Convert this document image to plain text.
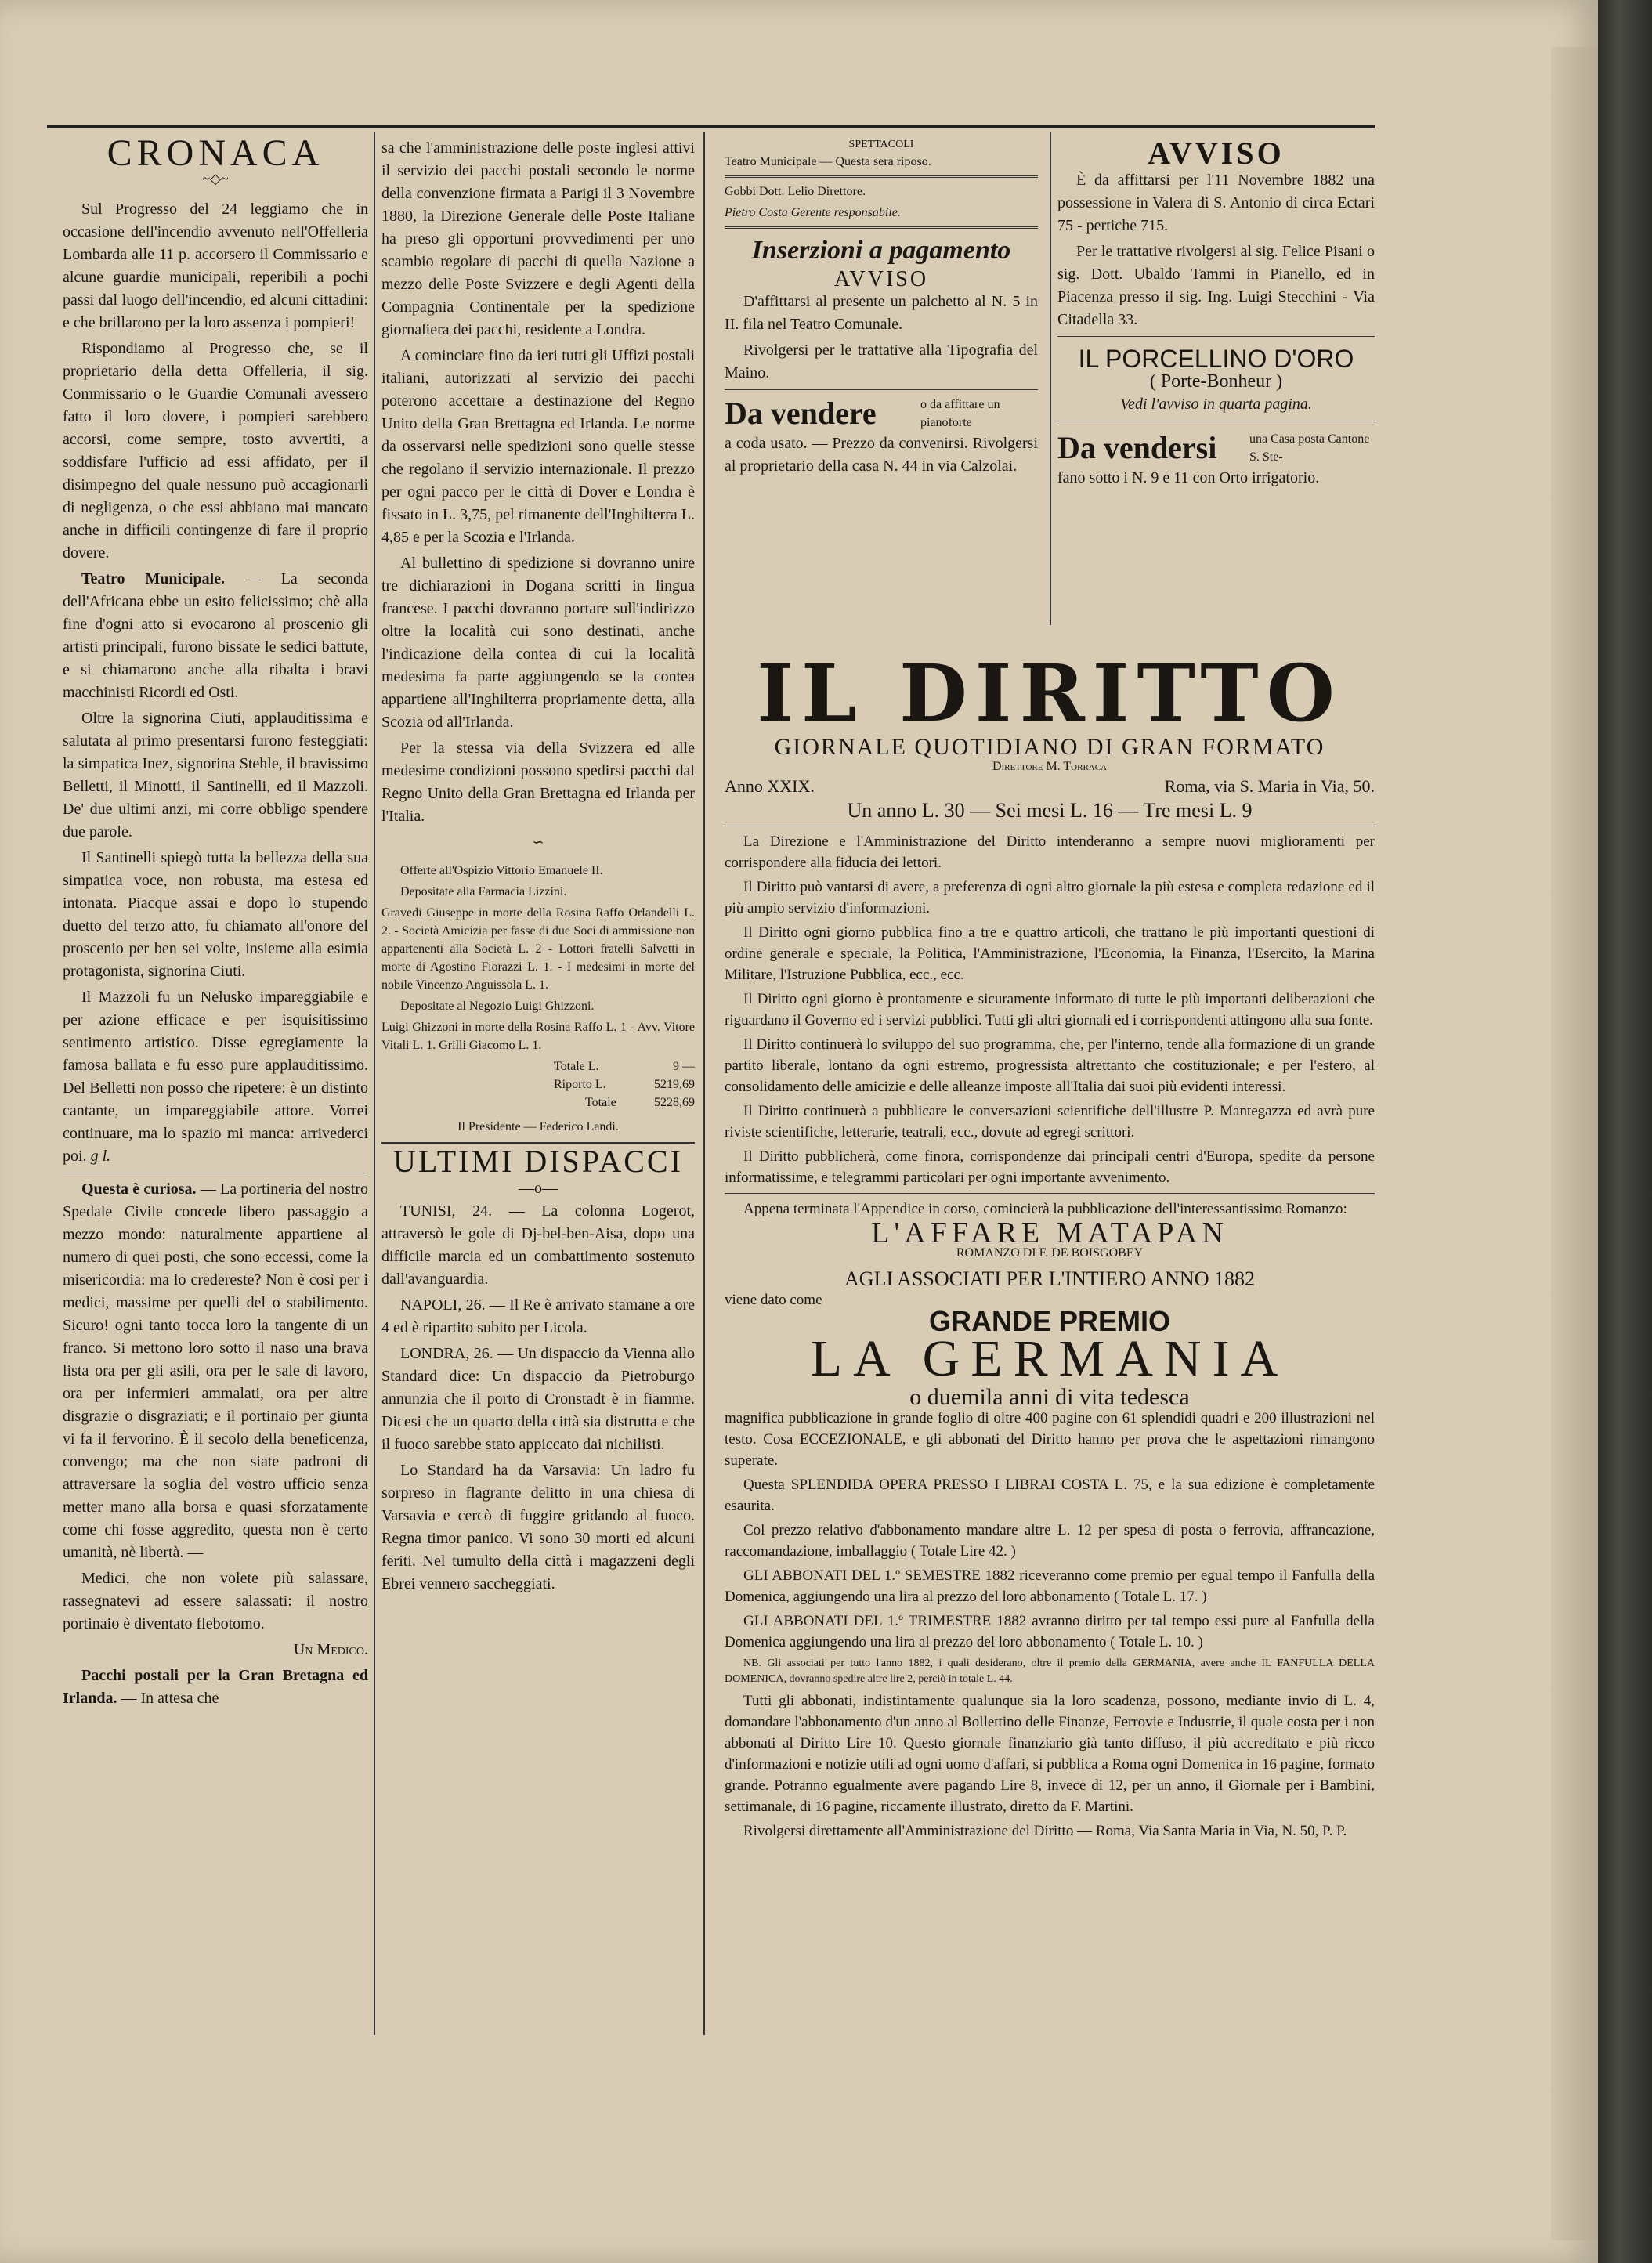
CRONACA
~◇~

Sul Progresso del 24 leggiamo che in occasione dell'incendio avvenuto nell'Offelleria Lombarda alle 11 p. accorsero il Commissario e alcune guardie municipali, reperibili a pochi passi dal luogo dell'incendio, ed alcuni cittadini: e che brillarono per la loro assenza i pompieri!

Rispondiamo al Progresso che, se il proprietario della detta Offelleria, il sig. Commissario o le Guardie Comunali avessero fatto il loro dovere, i pompieri sarebbero accorsi, come sempre, tosto avvertiti, a soddisfare l'ufficio ad essi affidato, per il disimpegno del quale nessuno può accagionarli di negligenza, o che essi abbiano mai mancato anche in difficili contingenze di fare il proprio dovere.

Teatro Municipale. — La seconda dell'Africana ebbe un esito felicissimo; chè alla fine d'ogni atto si evocarono al proscenio gli artisti principali, furono bissate le sedici battute, e si chiamarono anche alla ribalta i bravi macchinisti Ricordi ed Osti.

Oltre la signorina Ciuti, applauditissima e salutata al primo presentarsi furono festeggiati: la simpatica Inez, signorina Stehle, il bravissimo Belletti, il Minotti, il Santinelli, ed il Mazzoli. De' due ultimi anzi, mi corre obbligo spendere due parole.

Il Santinelli spiegò tutta la bellezza della sua simpatica voce, non robusta, ma estesa ed intonata. Piacque assai e dopo lo stupendo duetto del terzo atto, fu chiamato all'onore del proscenio per ben sei volte, insieme alla esimia protagonista, signorina Ciuti.

Il Mazzoli fu un Nelusko impareggiabile e per azione efficace e per isquisitissimo sentimento artistico. Disse egregiamente la famosa ballata e fu esso pure applauditissimo. Del Belletti non posso che ripetere: è un distinto cantante, un impareggiabile attore. Vorrei continuare, ma lo spazio mi manca: arrivederci poi. g l.

Questa è curiosa. — La portineria del nostro Spedale Civile concede libero passaggio a mezzo mondo: naturalmente appartiene al numero di quei posti, che sono eccessi, come la misericordia: ma lo credereste? Non è così per i medici, massime per quelli del o stabilimento. Sicuro! ogni tanto tocca loro la tangente di un franco. Si mettono loro sotto il naso una brava lista ora per gli asili, ora per le sale di lavoro, ora per infermieri ammalati, ora per altre disgrazie o disgraziati; e il portinaio per giunta vi fa il fervorino. È il secolo della beneficenza, convengo; ma che non siate padroni di attraversare la soglia del vostro ufficio senza metter mano alla borsa e quasi sforzatamente come chi fosse aggredito, questa non è certo umanità, nè libertà. —

Medici, che non volete più salassare, rassegnatevi ad essere salassati: il nostro portinaio è diventato flebotomo.

Un Medico.

Pacchi postali per la Gran Bretagna ed Irlanda. — In attesa che

sa che l'amministrazione delle poste inglesi attivi il servizio dei pacchi postali secondo le norme della convenzione firmata a Parigi il 3 Novembre 1880, la Direzione Generale delle Poste Italiane ha preso gli opportuni provvedimenti per uno scambio regolare di pacchi di quella Nazione a mezzo delle Poste Svizzere e degli Agenti della Compagnia Continentale per la spedizione giornaliera dei pacchi, residente a Londra.

A cominciare fino da ieri tutti gli Uffizi postali italiani, autorizzati al servizio dei pacchi poterono accettare a destinazione del Regno Unito della Gran Brettagna ed Irlanda. Le norme da osservarsi nelle spedizioni sono quelle stesse che regolano il servizio internazionale. Il prezzo per ogni pacco per le città di Dover e Londra è fissato in L. 3,75, pel rimanente dell'Inghilterra L. 4,85 e per la Scozia e l'Irlanda.

Al bullettino di spedizione si dovranno unire tre dichiarazioni in Dogana scritti in lingua francese. I pacchi dovranno portare sull'indirizzo oltre la località cui sono destinati, anche l'indicazione della contea di cui la località medesima fa parte aggiungendo se la contea appartiene all'Inghilterra propriamente detta, alla Scozia od all'Irlanda.

Per la stessa via della Svizzera ed alle medesime condizioni possono spedirsi pacchi dal Regno Unito della Gran Brettagna ed Irlanda per l'Italia.

∽

Offerte all'Ospizio Vittorio Emanuele II.

Depositate alla Farmacia Lizzini.

Gravedi Giuseppe in morte della Rosina Raffo Orlandelli L. 2. - Società Amicizia per fasse di due Soci di ammissione non appartenenti alla Società L. 2 - Lottori fratelli Salvetti in morte di Agostino Fiorazzi L. 1. - I medesimi in morte del nobile Vincenzo Anguissola L. 1.

Depositate al Negozio Luigi Ghizzoni.

Luigi Ghizzoni in morte della Rosina Raffo L. 1 - Avv. Vitore Vitali L. 1. Grilli Giacomo L. 1.

Totale L.	9 —
Riporto L.	5219,69
Totale	5228,69

Il Presidente — Federico Landi.

ULTIMI DISPACCI
—o—

TUNISI, 24. — La colonna Logerot, attraversò le gole di Dj-bel-ben-Aisa, dopo una difficile marcia ed un combattimento sostenuto dall'avanguardia.

NAPOLI, 26. — Il Re è arrivato stamane a ore 4 ed è ripartito subito per Licola.

LONDRA, 26. — Un dispaccio da Vienna allo Standard dice: Un dispaccio da Pietroburgo annunzia che il porto di Cronstadt è in fiamme. Dicesi che un quarto della città sia distrutta e che il fuoco sarebbe stato appiccato dai nichilisti.

Lo Standard ha da Varsavia: Un ladro fu sorpreso in flagrante delitto in una chiesa di Varsavia e cercò di fuggire gridando al fuoco. Regna timor panico. Vi sono 30 morti ed alcuni feriti. Nel tumulto della città i magazzeni degli Ebrei vennero saccheggiati.

SPETTACOLI

Teatro Municipale — Questa sera riposo.

Gobbi Dott. Lelio Direttore.

Pietro Costa Gerente responsabile.

Inserzioni a pagamento
AVVISO

D'affittarsi al presente un palchetto al N. 5 in II. fila nel Teatro Comunale.

Rivolgersi per le trattative alla Tipografia del Maino.

Da vendere	o da affittare un pianoforte

a coda usato. — Prezzo da convenirsi. Rivolgersi al proprietario della casa N. 44 in via Calzolai.

AVVISO

È da affittarsi per l'11 Novembre 1882 una possessione in Valera di S. Antonio di circa Ectari 75 - pertiche 715.

Per le trattative rivolgersi al sig. Felice Pisani o sig. Dott. Ubaldo Tammi in Pianello, ed in Piacenza presso il sig. Ing. Luigi Stecchini - Via Citadella 33.

IL PORCELLINO D'ORO
( Porte-Bonheur )
Vedi l'avviso in quarta pagina.
Da vendersi	una Casa posta Cantone S. Ste-

fano sotto i N. 9 e 11 con Orto irrigatorio.

IL DIRITTO
GIORNALE QUOTIDIANO DI GRAN FORMATO
Direttore M. Torraca
Anno XXIX.	Roma, via S. Maria in Via, 50.
Un anno L. 30 — Sei mesi L. 16 — Tre mesi L. 9

La Direzione e l'Amministrazione del Diritto intenderanno a sempre nuovi miglioramenti per corrispondere alla fiducia dei lettori.

Il Diritto può vantarsi di avere, a preferenza di ogni altro giornale la più estesa e completa redazione ed il più ampio servizio d'informazioni.

Il Diritto ogni giorno pubblica fino a tre e quattro articoli, che trattano le più importanti questioni di ordine generale e speciale, la Politica, l'Amministrazione, l'Economia, la Finanza, l'Esercito, la Marina Militare, l'Istruzione Pubblica, ecc., ecc.

Il Diritto ogni giorno è prontamente e sicuramente informato di tutte le più importanti deliberazioni che riguardano il Governo ed i servizi pubblici. Tutti gli altri giornali ed i corrispondenti attingono alla sua fonte.

Il Diritto continuerà lo sviluppo del suo programma, che, per l'interno, tende alla formazione di un grande partito liberale, lontano da ogni estremo, progressista altrettanto che costituzionale; e per l'estero, al consolidamento delle amicizie e delle alleanze imposte all'Italia dai suoi più evidenti interessi.

Il Diritto continuerà a pubblicare le conversazioni scientifiche dell'illustre P. Mantegazza ed avrà pure riviste scientifiche, letterarie, teatrali, ecc., dovute ad egregi scrittori.

Il Diritto pubblicherà, come finora, corrispondenze dai principali centri d'Europa, spedite da persone informatissime, e telegrammi particolari per ogni importante avvenimento.

Appena terminata l'Appendice in corso, comincierà la pubblicazione dell'interessantissimo Romanzo:

L'AFFARE MATAPAN
ROMANZO DI F. DE BOISGOBEY
AGLI ASSOCIATI PER L'INTIERO ANNO 1882
viene dato come
GRANDE PREMIO
LA GERMANIA
o duemila anni di vita tedesca

magnifica pubblicazione in grande foglio di oltre 400 pagine con 61 splendidi quadri e 200 illustrazioni nel testo. Cosa ECCEZIONALE, e gli abbonati del Diritto hanno per prova che le aspettazioni rimangono superate.

Questa SPLENDIDA OPERA PRESSO I LIBRAI COSTA L. 75, e la sua edizione è completamente esaurita.

Col prezzo relativo d'abbonamento mandare altre L. 12 per spesa di posta o ferrovia, affrancazione, raccomandazione, imballaggio ( Totale Lire 42. )

GLI ABBONATI DEL 1.º SEMESTRE 1882 riceveranno come premio per egual tempo il Fanfulla della Domenica, aggiungendo una lira al prezzo del loro abbonamento ( Totale L. 17. )

GLI ABBONATI DEL 1.º TRIMESTRE 1882 avranno diritto per tal tempo essi pure al Fanfulla della Domenica aggiungendo una lira al prezzo del loro abbonamento ( Totale L. 10. )

NB. Gli associati per tutto l'anno 1882, i quali desiderano, oltre il premio della GERMANIA, avere anche IL FANFULLA DELLA DOMENICA, dovranno spedire altre lire 2, perciò in totale L. 44.

Tutti gli abbonati, indistintamente qualunque sia la loro scadenza, possono, mediante invio di L. 4, domandare l'abbonamento d'un anno al Bollettino delle Finanze, Ferrovie e Industrie, il quale costa per i non abbonati al Diritto Lire 10. Questo giornale finanziario già tanto diffuso, il più accreditato e più ricco d'informazioni e notizie utili ad ogni uomo d'affari, si pubblica a Roma ogni Domenica in 16 pagine, formato grande. Potranno egualmente avere pagando Lire 8, invece di 12, per un anno, il Giornale per i Bambini, settimanale, di 16 pagine, riccamente illustrato, diretto da F. Martini.

Rivolgersi direttamente all'Amministrazione del Diritto — Roma, Via Santa Maria in Via, N. 50, P. P.
